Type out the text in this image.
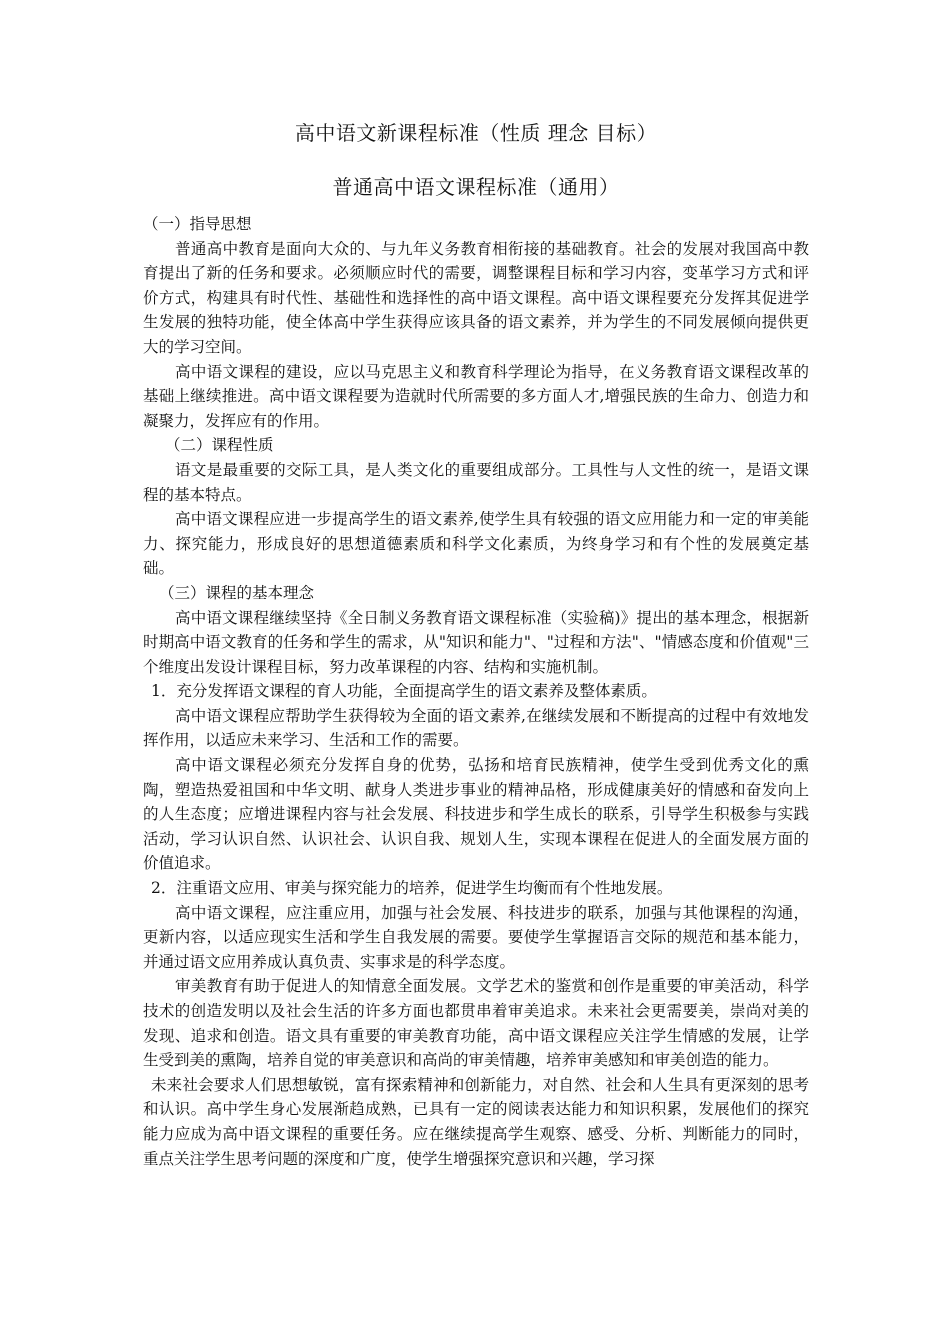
高中语文新课程标准（性质 理念 目标）
普通高中语文课程标准（通用）
（一）指导思想

普通高中教育是面向大众的、与九年义务教育相衔接的基础教育。社会的发展对我国高中教育提出了新的任务和要求。必须顺应时代的需要，调整课程目标和学习内容，变革学习方式和评价方式，构建具有时代性、基础性和选择性的高中语文课程。高中语文课程要充分发挥其促进学生发展的独特功能，使全体高中学生获得应该具备的语文素养，并为学生的不同发展倾向提供更大的学习空间。

高中语文课程的建设，应以马克思主义和教育科学理论为指导，在义务教育语文课程改革的基础上继续推进。高中语文课程要为造就时代所需要的多方面人才,增强民族的生命力、创造力和凝聚力，发挥应有的作用。

（二）课程性质

语文是最重要的交际工具，是人类文化的重要组成部分。工具性与人文性的统一，是语文课程的基本特点。

高中语文课程应进一步提高学生的语文素养,使学生具有较强的语文应用能力和一定的审美能力、探究能力，形成良好的思想道德素质和科学文化素质，为终身学习和有个性的发展奠定基础。

（三）课程的基本理念

高中语文课程继续坚持《全日制义务教育语文课程标准（实验稿)》提出的基本理念，根据新时期高中语文教育的任务和学生的需求，从"知识和能力"、"过程和方法"、"情感态度和价值观"三个维度出发设计课程目标，努力改革课程的内容、结构和实施机制。

1．充分发挥语文课程的育人功能，全面提高学生的语文素养及整体素质。

高中语文课程应帮助学生获得较为全面的语文素养,在继续发展和不断提高的过程中有效地发挥作用，以适应未来学习、生活和工作的需要。

高中语文课程必须充分发挥自身的优势，弘扬和培育民族精神，使学生受到优秀文化的熏陶，塑造热爱祖国和中华文明、献身人类进步事业的精神品格，形成健康美好的情感和奋发向上的人生态度；应增进课程内容与社会发展、科技进步和学生成长的联系，引导学生积极参与实践活动，学习认识自然、认识社会、认识自我、规划人生，实现本课程在促进人的全面发展方面的价值追求。

2．注重语文应用、审美与探究能力的培养，促进学生均衡而有个性地发展。

高中语文课程，应注重应用，加强与社会发展、科技进步的联系，加强与其他课程的沟通，更新内容，以适应现实生活和学生自我发展的需要。要使学生掌握语言交际的规范和基本能力，并通过语文应用养成认真负责、实事求是的科学态度。

审美教育有助于促进人的知情意全面发展。文学艺术的鉴赏和创作是重要的审美活动，科学技术的创造发明以及社会生活的许多方面也都贯串着审美追求。未来社会更需要美，崇尚对美的发现、追求和创造。语文具有重要的审美教育功能，高中语文课程应关注学生情感的发展，让学生受到美的熏陶，培养自觉的审美意识和高尚的审美情趣，培养审美感知和审美创造的能力。

未来社会要求人们思想敏锐，富有探索精神和创新能力，对自然、社会和人生具有更深刻的思考和认识。高中学生身心发展渐趋成熟，已具有一定的阅读表达能力和知识积累，发展他们的探究能力应成为高中语文课程的重要任务。应在继续提高学生观察、感受、分析、判断能力的同时，重点关注学生思考问题的深度和广度，使学生增强探究意识和兴趣，学习探
